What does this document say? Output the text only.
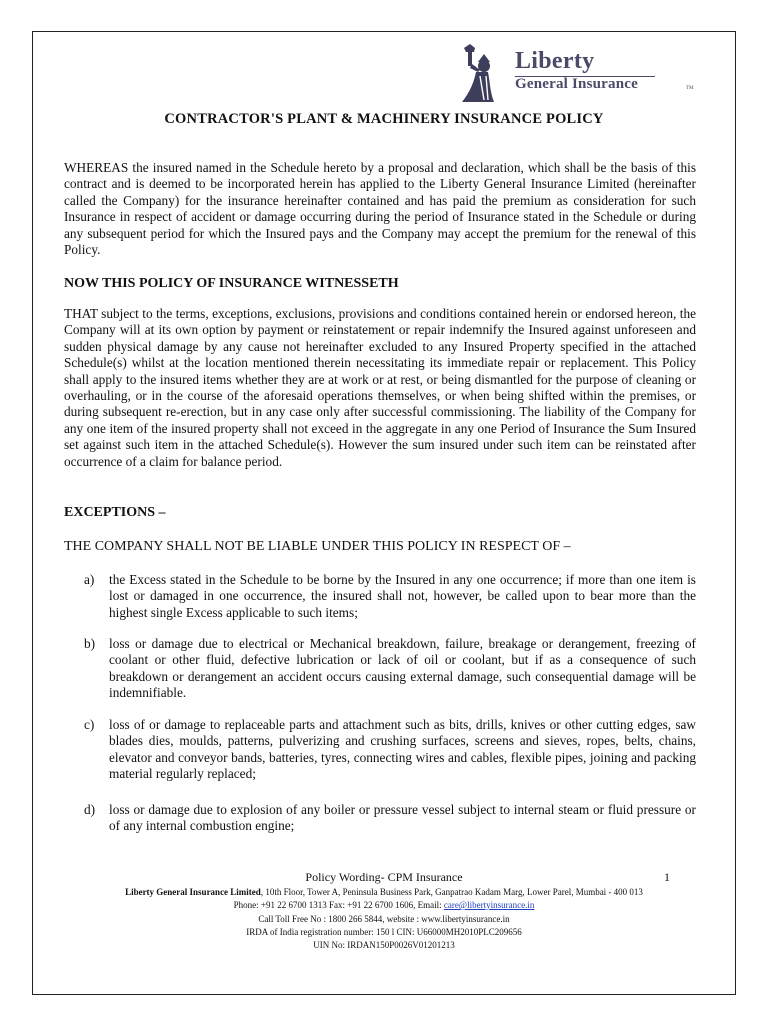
Liberty
General Insurance	TM
CONTRACTOR'S PLANT & MACHINERY INSURANCE POLICY

WHEREAS the insured named in the Schedule hereto by a proposal and declaration, which shall be the basis of this contract and is deemed to be incorporated herein has applied to the Liberty General Insurance Limited (hereinafter called the Company) for the insurance hereinafter contained and has paid the premium as consideration for such Insurance in respect of accident or damage occurring during the period of Insurance stated in the Schedule or during any subsequent period for which the Insured pays and the Company may accept the premium for the renewal of this Policy.

NOW THIS POLICY OF INSURANCE WITNESSETH

THAT subject to the terms, exceptions, exclusions, provisions and conditions contained herein or endorsed hereon, the Company will at its own option by payment or reinstatement or repair indemnify the Insured against unforeseen and sudden physical damage by any cause not hereinafter excluded to any Insured Property specified in the attached Schedule(s) whilst at the location mentioned therein necessitating its immediate repair or replacement. This Policy shall apply to the insured items whether they are at work or at rest, or being dismantled for the purpose of cleaning or overhauling, or in the course of the aforesaid operations themselves, or when being shifted within the premises, or during subsequent re-erection, but in any case only after successful commissioning. The liability of the Company for any one item of the insured property shall not exceed in the aggregate in any one Period of Insurance the Sum Insured set against such item in the attached Schedule(s). However the sum insured under such item can be reinstated after occurrence of a claim for balance period.

EXCEPTIONS –

THE COMPANY SHALL NOT BE LIABLE UNDER THIS POLICY IN RESPECT OF –

a)	the Excess stated in the Schedule to be borne by the Insured in any one occurrence; if more than one item is lost or damaged in one occurrence, the insured shall not, however, be called upon to bear more than the highest single Excess applicable to such items;
b)	loss or damage due to electrical or Mechanical breakdown, failure, breakage or derangement, freezing of coolant or other fluid, defective lubrication or lack of oil or coolant, but if as a consequence of such breakdown or derangement an accident occurs causing external damage, such consequential damage will be indemnifiable.
c)	loss of or damage to replaceable parts and attachment such as bits, drills, knives or other cutting edges, saw blades dies, moulds, patterns, pulverizing and crushing surfaces, screens and sieves, ropes, belts, chains, elevator and conveyor bands, batteries, tyres, connecting wires and cables, flexible pipes, joining and packing material regularly replaced;
d)	loss or damage due to explosion of any boiler or pressure vessel subject to internal steam or fluid pressure or of any internal combustion engine;
Policy Wording- CPM Insurance	1
Liberty General Insurance Limited, 10th Floor, Tower A, Peninsula Business Park, Ganpatrao Kadam Marg, Lower Parel, Mumbai - 400 013
Phone: +91 22 6700 1313 Fax: +91 22 6700 1606, Email: care@libertyinsurance.in
Call Toll Free No : 1800 266 5844, website : www.libertyinsurance.in
IRDA of India registration number: 150 l CIN: U66000MH2010PLC209656
UIN No: IRDAN150P0026V01201213
